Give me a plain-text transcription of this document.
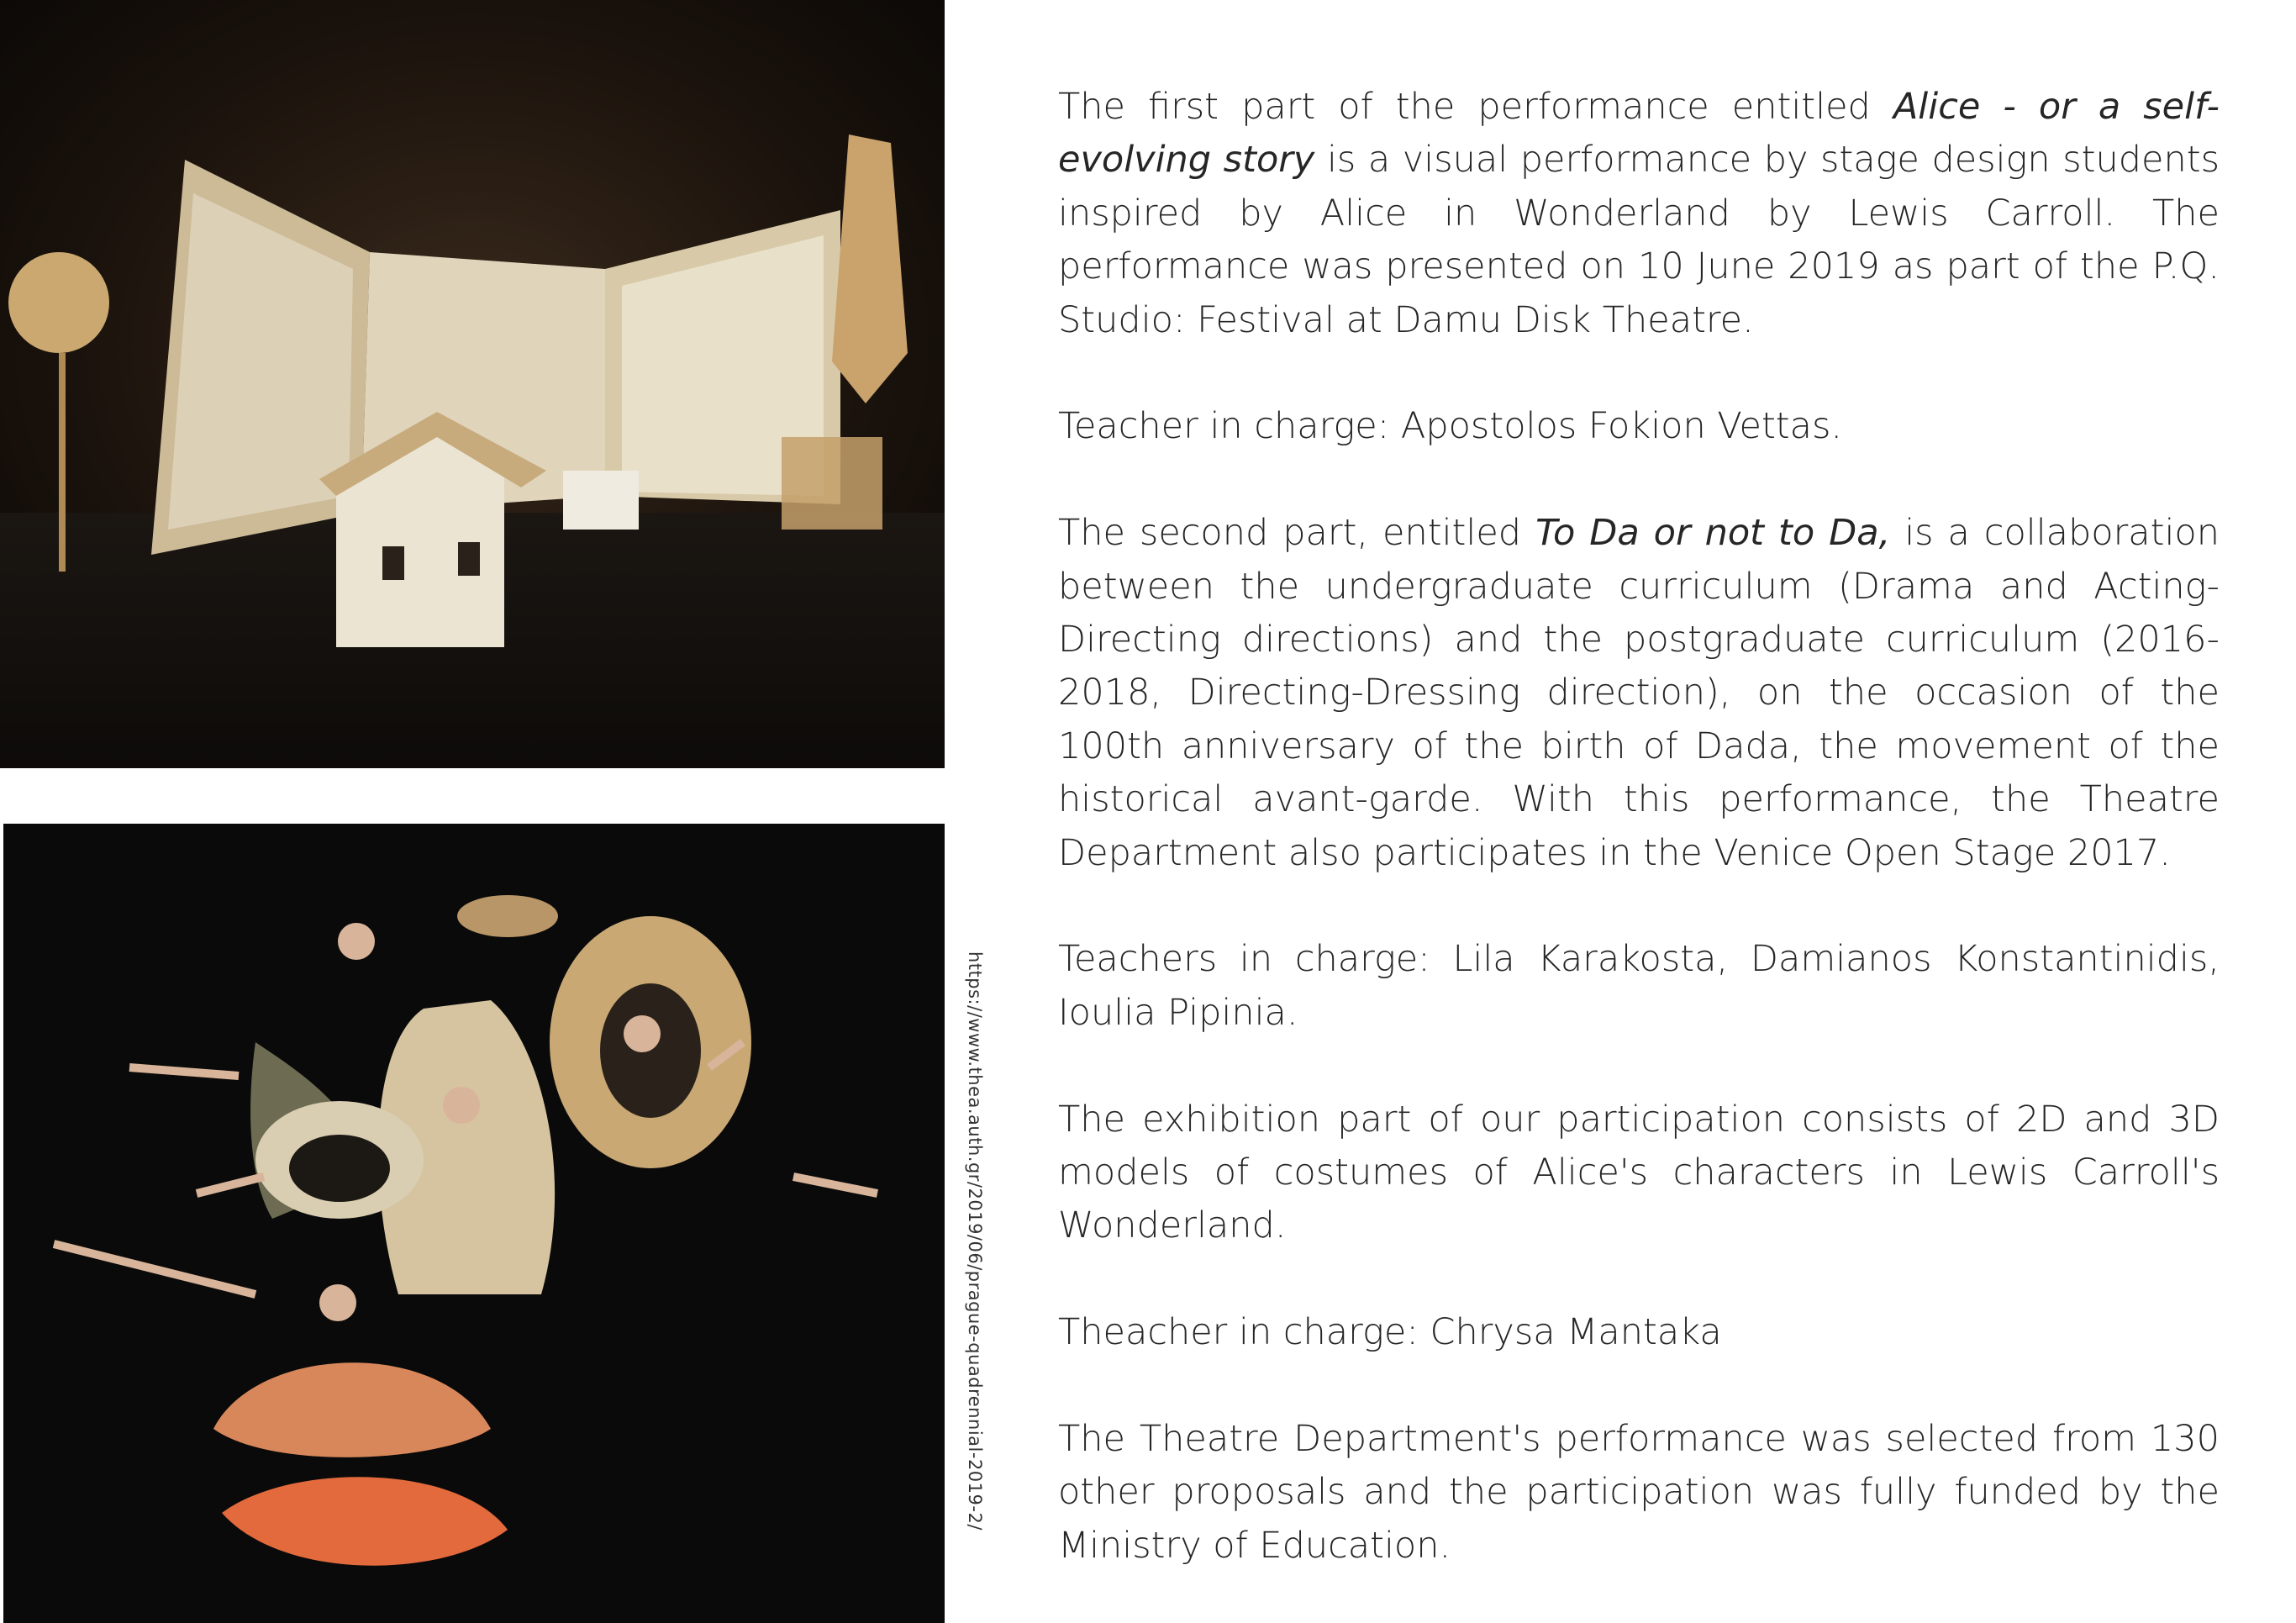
https://www.thea.auth.gr/2019/06/prague-quadrennial-2019-2/

The first part of the performance entitled Alice - or a self-evolving story is a visual performance by stage design students inspired by Alice in Wonderland by Lewis Carroll. The performance was presented on 10 June 2019 as part of the P.Q. Studio: Festival at Damu Disk Theatre.

Teacher in charge: Apostolos Fokion Vettas.

The second part, entitled To Da or not to Da, is a collaboration between the undergraduate curriculum (Drama and Acting-Directing directions) and the postgraduate curriculum (2016-2018, Directing-Dressing direction), on the occasion of the 100th anniversary of the birth of Dada, the movement of the historical avant-garde. With this performance, the Theatre Department also participates in the Venice Open Stage 2017.

Teachers in charge: Lila Karakosta, Damianos Konstantinidis, Ioulia Pipinia.

The exhibition part of our participation consists of 2D and 3D models of costumes of Alice's characters in Lewis Carroll's Wonderland.

Theacher in charge: Chrysa Mantaka

The Theatre Department's performance was selected from 130 other proposals and the participation was fully funded by the Ministry of Education.
